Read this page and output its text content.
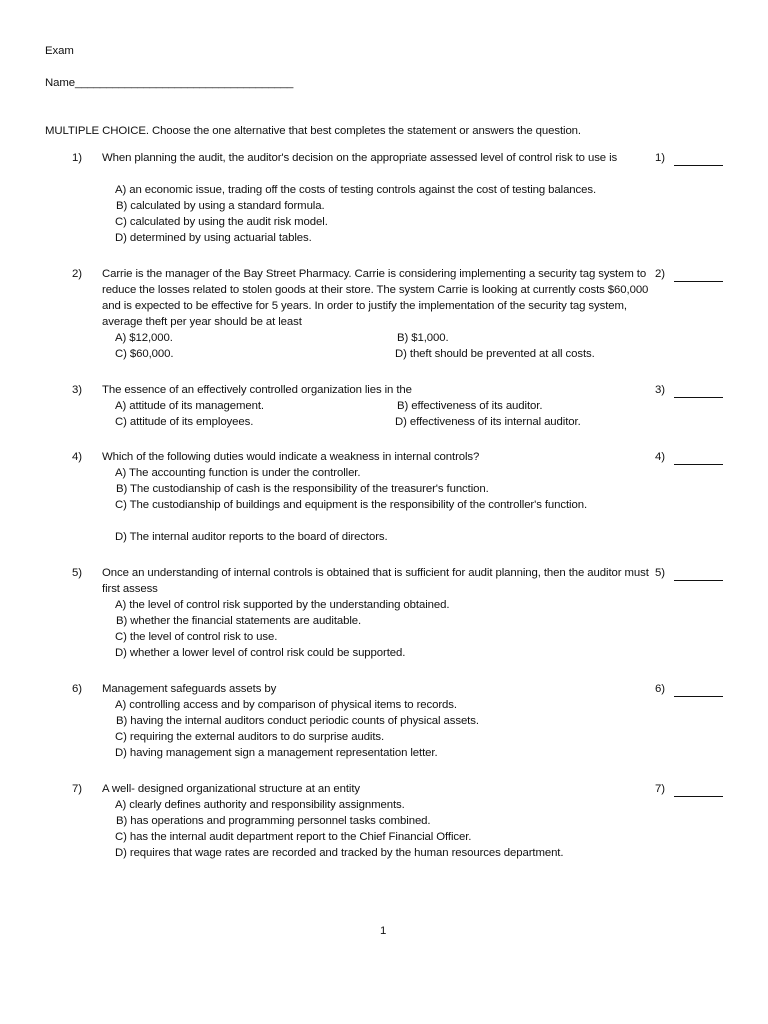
Exam
Name___________________________________
MULTIPLE CHOICE. Choose the one alternative that best completes the statement or answers the question.
1) When planning the audit, the auditor's decision on the appropriate assessed level of control risk to use is
A) an economic issue, trading off the costs of testing controls against the cost of testing balances.
B) calculated by using a standard formula.
C) calculated by using the audit risk model.
D) determined by using actuarial tables.
1)
2) Carrie is the manager of the Bay Street Pharmacy. Carrie is considering implementing a security tag system to reduce the losses related to stolen goods at their store. The system Carrie is looking at currently costs $60,000 and is expected to be effective for 5 years. In order to justify the implementation of the security tag system, average theft per year should be at least
A) $12,000.	B) $1,000.
C) $60,000.	D) theft should be prevented at all costs.
2)
3) The essence of an effectively controlled organization lies in the
A) attitude of its management.	B) effectiveness of its auditor.
C) attitude of its employees.	D) effectiveness of its internal auditor.
3)
4) Which of the following duties would indicate a weakness in internal controls?
A) The accounting function is under the controller.
B) The custodianship of cash is the responsibility of the treasurer's function.
C) The custodianship of buildings and equipment is the responsibility of the controller's function.
D) The internal auditor reports to the board of directors.
4)
5) Once an understanding of internal controls is obtained that is sufficient for audit planning, then the auditor must first assess
A) the level of control risk supported by the understanding obtained.
B) whether the financial statements are auditable.
C) the level of control risk to use.
D) whether a lower level of control risk could be supported.
5)
6) Management safeguards assets by
A) controlling access and by comparison of physical items to records.
B) having the internal auditors conduct periodic counts of physical assets.
C) requiring the external auditors to do surprise audits.
D) having management sign a management representation letter.
6)
7) A well- designed organizational structure at an entity
A) clearly defines authority and responsibility assignments.
B) has operations and programming personnel tasks combined.
C) has the internal audit department report to the Chief Financial Officer.
D) requires that wage rates are recorded and tracked by the human resources department.
7)
1
